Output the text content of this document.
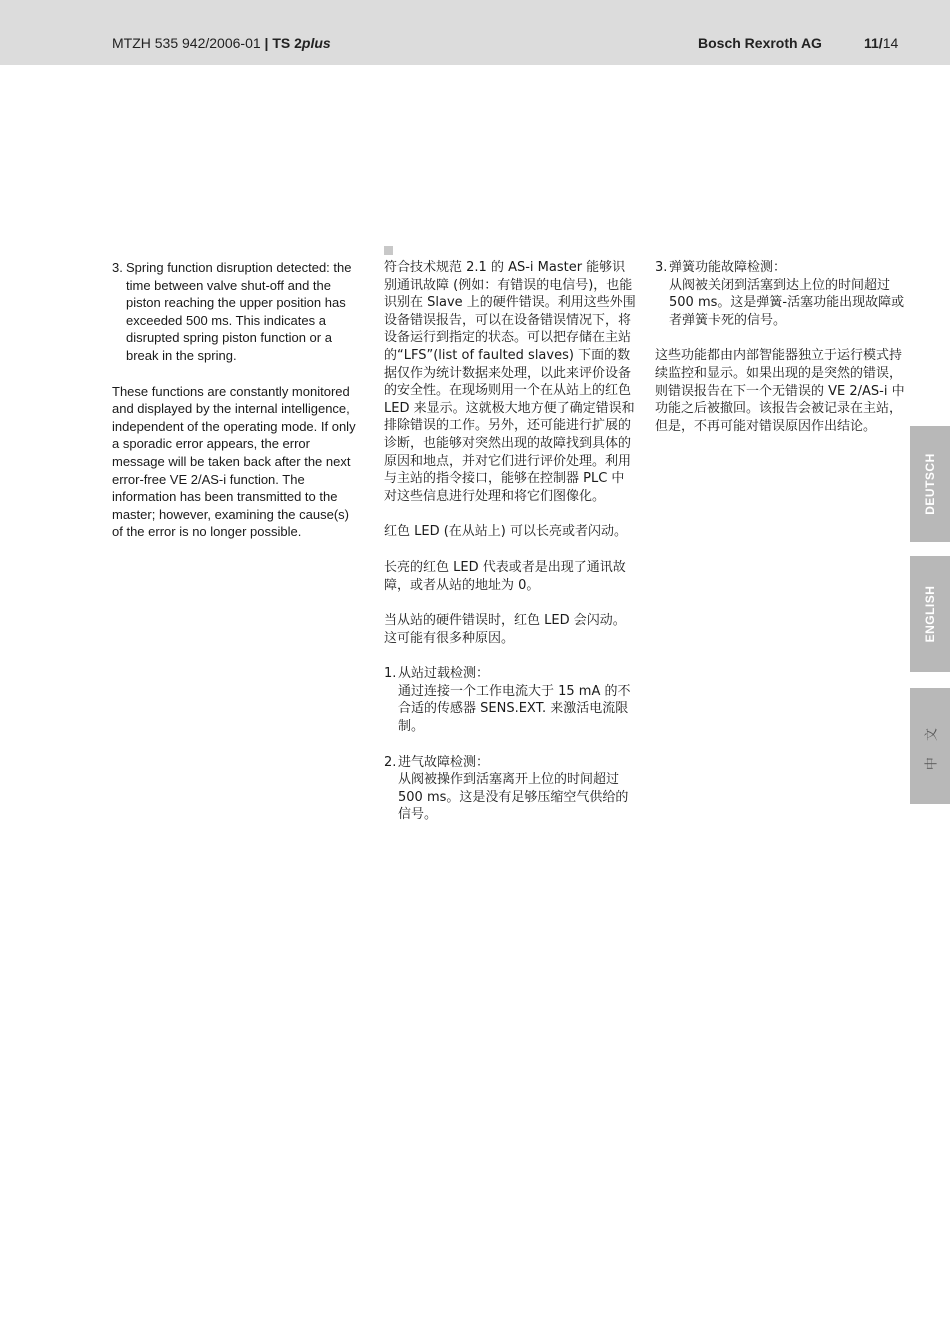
MTZH 535 942/2006-01 | TS 2plus	Bosch Rexroth AG	11/14
3. Spring function disruption detected: the time between valve shut-off and the piston reaching the upper position has exceeded 500 ms. This indicates a disrupted spring piston function or a break in the spring.

These functions are constantly monitored and displayed by the internal intelligence, independent of the operating mode. If only a sporadic error appears, the error message will be taken back after the next error-free VE 2/AS-i function. The information has been transmitted to the master; however, examining the cause(s) of the error is no longer possible.

符合技术规范 2.1 的 AS-i Master 能够识别通讯故障 (例如：有错误的电信号)，也能识别在 Slave 上的硬件错误。利用这些外围设备错误报告，可以在设备错误情况下，将设备运行到指定的状态。可以把存储在主站的“LFS”(list of faulted slaves) 下面的数据仅作为统计数据来处理，以此来评价设备的安全性。在现场则用一个在从站上的红色 LED 来显示。这就极大地方便了确定错误和排除错误的工作。另外，还可能进行扩展的诊断，也能够对突然出现的故障找到具体的原因和地点，并对它们进行评价处理。利用与主站的指令接口，能够在控制器 PLC 中对这些信息进行处理和将它们图像化。

红色 LED (在从站上) 可以长亮或者闪动。

长亮的红色 LED 代表或者是出现了通讯故障，或者从站的地址为 0。

当从站的硬件错误时，红色 LED 会闪动。这可能有很多种原因。

1. 从站过载检测：
通过连接一个工作电流大于 15 mA 的不合适的传感器 SENS.EXT. 来激活电流限制。
2. 进气故障检测：
从阀被操作到活塞离开上位的时间超过 500 ms。这是没有足够压缩空气供给的信号。
3. 弹簧功能故障检测：
从阀被关闭到活塞到达上位的时间超过 500 ms。这是弹簧-活塞功能出现故障或者弹簧卡死的信号。

这些功能都由内部智能器独立于运行模式持续监控和显示。如果出现的是突然的错误，则错误报告在下一个无错误的 VE 2/AS-i 中功能之后被撤回。该报告会被记录在主站，但是，不再可能对错误原因作出结论。

DEUTSCH
ENGLISH
中 文
